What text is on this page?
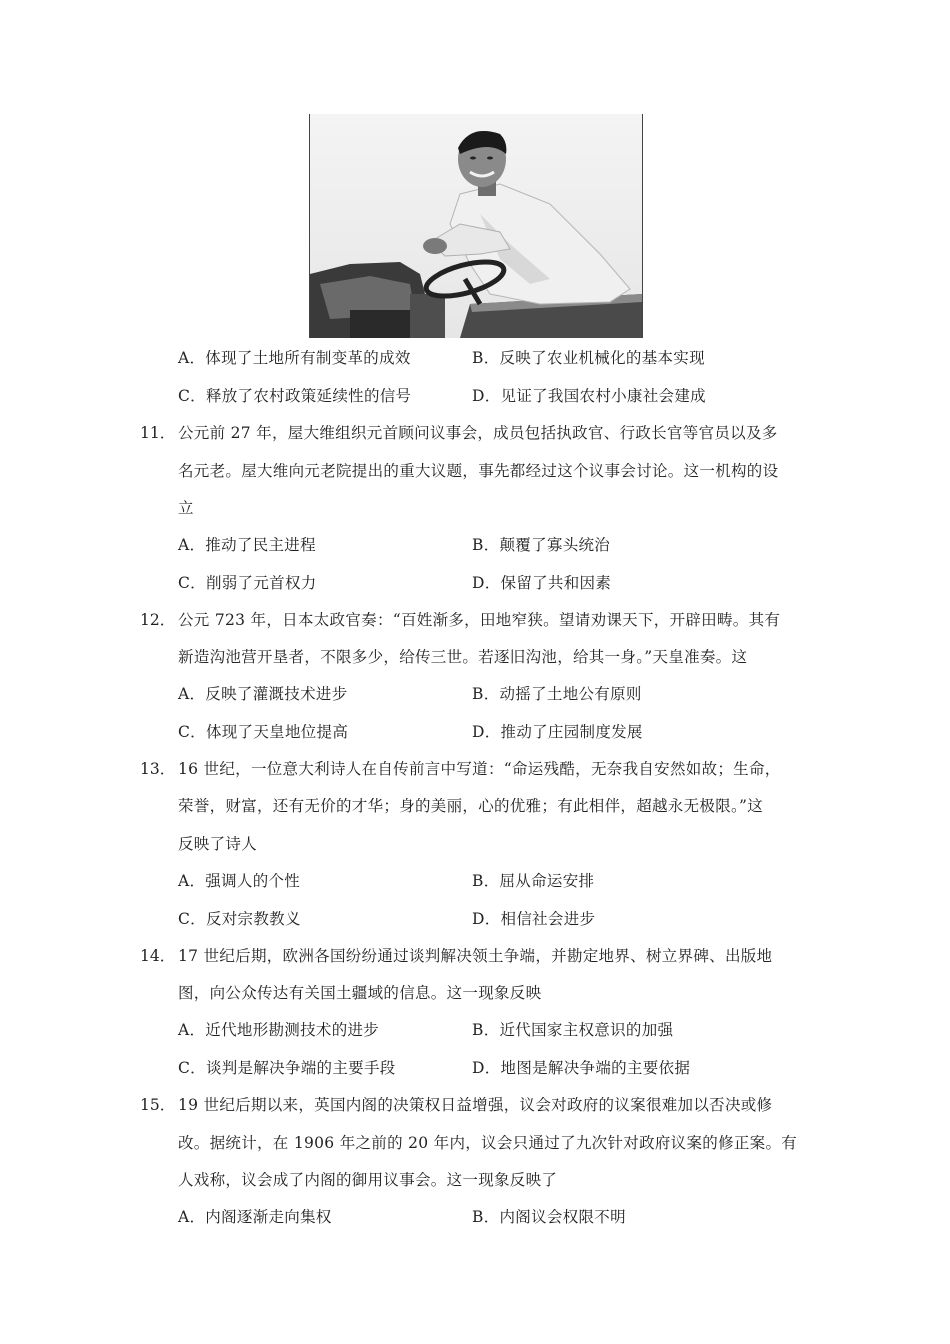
A．体现了土地所有制变革的成效	B．反映了农业机械化的基本实现
C．释放了农村政策延续性的信号	D．见证了我国农村小康社会建成
11． 公元前 27 年，屋大维组织元首顾问议事会，成员包括执政官、行政长官等官员以及多
名元老。屋大维向元老院提出的重大议题，事先都经过这个议事会讨论。这一机构的设
立
A．推动了民主进程	B．颠覆了寡头统治
C．削弱了元首权力	D．保留了共和因素
12． 公元 723 年，日本太政官奏：“百姓渐多，田地窄狭。望请劝课天下，开辟田畴。其有
新造沟池营开垦者，不限多少，给传三世。若逐旧沟池，给其一身。”天皇准奏。这
A．反映了灌溉技术进步	B．动摇了土地公有原则
C．体现了天皇地位提高	D．推动了庄园制度发展
13． 16 世纪，一位意大利诗人在自传前言中写道：“命运残酷，无奈我自安然如故；生命，
荣誉，财富，还有无价的才华；身的美丽，心的优雅；有此相伴，超越永无极限。”这
反映了诗人
A．强调人的个性	B．屈从命运安排
C．反对宗教教义	D．相信社会进步
14． 17 世纪后期，欧洲各国纷纷通过谈判解决领土争端，并勘定地界、树立界碑、出版地
图，向公众传达有关国土疆域的信息。这一现象反映
A．近代地形勘测技术的进步	B．近代国家主权意识的加强
C．谈判是解决争端的主要手段	D．地图是解决争端的主要依据
15． 19 世纪后期以来，英国内阁的决策权日益增强，议会对政府的议案很难加以否决或修
改。据统计，在 1906 年之前的 20 年内，议会只通过了九次针对政府议案的修正案。有
人戏称，议会成了内阁的御用议事会。这一现象反映了
A．内阁逐渐走向集权	B．内阁议会权限不明
